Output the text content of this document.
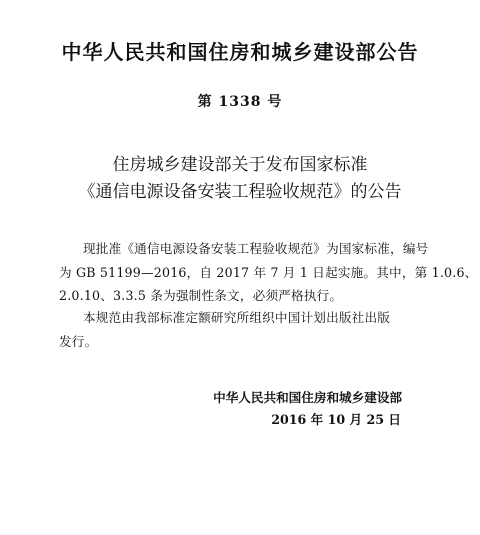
中华人民共和国住房和城乡建设部公告
第 1338 号
住房城乡建设部关于发布国家标准
《通信电源设备安装工程验收规范》的公告
现批准《通信电源设备安装工程验收规范》为国家标准，编号
为 GB 51199—2016，自 2017 年 7 月 1 日起实施。其中，第 1.0.6、
2.0.10、3.3.5 条为强制性条文，必须严格执行。
本规范由我部标准定额研究所组织中国计划出版社出版
发行。
中华人民共和国住房和城乡建设部
2016 年 10 月 25 日
